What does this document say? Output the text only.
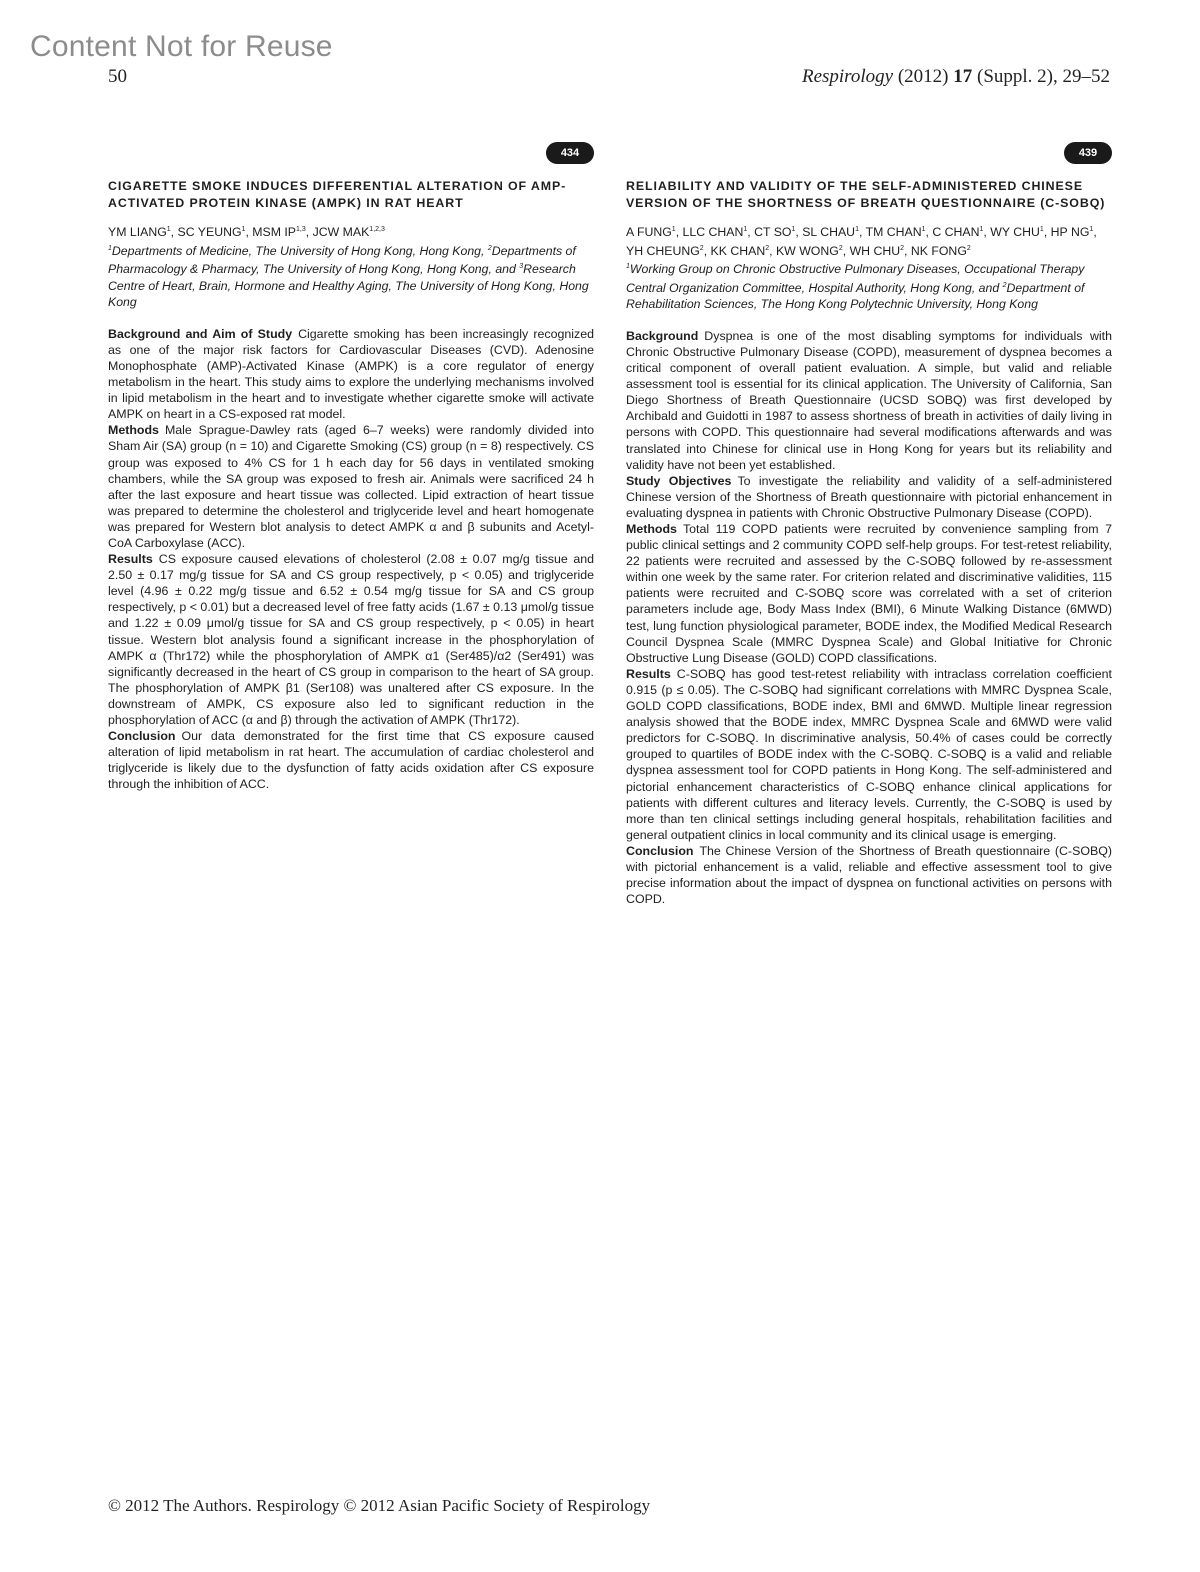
Content Not for Reuse
50	Respirology (2012) 17 (Suppl. 2), 29–52
434

CIGARETTE SMOKE INDUCES DIFFERENTIAL ALTERATION OF AMP-ACTIVATED PROTEIN KINASE (AMPK) IN RAT HEART

YM LIANG$^1$, SC YEUNG$^1$, MSM IP$^{1,3}$, JCW MAK$^{1,2,3}$

$^1$Departments of Medicine, The University of Hong Kong, Hong Kong, $^2$Departments of Pharmacology & Pharmacy, The University of Hong Kong, Hong Kong, and $^3$Research Centre of Heart, Brain, Hormone and Healthy Aging, The University of Hong Kong, Hong Kong

Background and Aim of Study Cigarette smoking has been increasingly recognized as one of the major risk factors for Cardiovascular Diseases (CVD). Adenosine Monophosphate (AMP)-Activated Kinase (AMPK) is a core regulator of energy metabolism in the heart. This study aims to explore the underlying mechanisms involved in lipid metabolism in the heart and to investigate whether cigarette smoke will activate AMPK on heart in a CS-exposed rat model.

Methods Male Sprague-Dawley rats (aged 6–7 weeks) were randomly divided into Sham Air (SA) group (n = 10) and Cigarette Smoking (CS) group (n = 8) respectively. CS group was exposed to 4% CS for 1 h each day for 56 days in ventilated smoking chambers, while the SA group was exposed to fresh air. Animals were sacrificed 24 h after the last exposure and heart tissue was collected. Lipid extraction of heart tissue was prepared to determine the cholesterol and triglyceride level and heart homogenate was prepared for Western blot analysis to detect AMPK α and β subunits and Acetyl-CoA Carboxylase (ACC).

Results CS exposure caused elevations of cholesterol (2.08 ± 0.07 mg/g tissue and 2.50 ± 0.17 mg/g tissue for SA and CS group respectively, p < 0.05) and triglyceride level (4.96 ± 0.22 mg/g tissue and 6.52 ± 0.54 mg/g tissue for SA and CS group respectively, p < 0.01) but a decreased level of free fatty acids (1.67 ± 0.13 μmol/g tissue and 1.22 ± 0.09 μmol/g tissue for SA and CS group respectively, p < 0.05) in heart tissue. Western blot analysis found a significant increase in the phosphorylation of AMPK α (Thr172) while the phosphorylation of AMPK α1 (Ser485)/α2 (Ser491) was significantly decreased in the heart of CS group in comparison to the heart of SA group. The phosphorylation of AMPK β1 (Ser108) was unaltered after CS exposure. In the downstream of AMPK, CS exposure also led to significant reduction in the phosphorylation of ACC (α and β) through the activation of AMPK (Thr172).

Conclusion Our data demonstrated for the first time that CS exposure caused alteration of lipid metabolism in rat heart. The accumulation of cardiac cholesterol and triglyceride is likely due to the dysfunction of fatty acids oxidation after CS exposure through the inhibition of ACC.

439

RELIABILITY AND VALIDITY OF THE SELF-ADMINISTERED CHINESE VERSION OF THE SHORTNESS OF BREATH QUESTIONNAIRE (C-SOBQ)

A FUNG$^1$, LLC CHAN$^1$, CT $SO^1$, SL CHAU$^1$, TM CHAN$^1$, C CHAN$^1$, WY CHU$^1$, HP $NG^1$, YH CHEUNG$^2$, KK CHAN$^2$, KW WONG$^2$, WH CHU$^2$, NK FONG$^2$

$^1$Working Group on Chronic Obstructive Pulmonary Diseases, Occupational Therapy Central Organization Committee, Hospital Authority, Hong Kong, and $^2$Department of Rehabilitation Sciences, The Hong Kong Polytechnic University, Hong Kong

Background Dyspnea is one of the most disabling symptoms for individuals with Chronic Obstructive Pulmonary Disease (COPD), measurement of dyspnea becomes a critical component of overall patient evaluation. A simple, but valid and reliable assessment tool is essential for its clinical application. The University of California, San Diego Shortness of Breath Questionnaire (UCSD SOBQ) was first developed by Archibald and Guidotti in 1987 to assess shortness of breath in activities of daily living in persons with COPD. This questionnaire had several modifications afterwards and was translated into Chinese for clinical use in Hong Kong for years but its reliability and validity have not been yet established.

Study Objectives To investigate the reliability and validity of a self-administered Chinese version of the Shortness of Breath questionnaire with pictorial enhancement in evaluating dyspnea in patients with Chronic Obstructive Pulmonary Disease (COPD).

Methods Total 119 COPD patients were recruited by convenience sampling from 7 public clinical settings and 2 community COPD self-help groups. For test-retest reliability, 22 patients were recruited and assessed by the C-SOBQ followed by re-assessment within one week by the same rater. For criterion related and discriminative validities, 115 patients were recruited and C-SOBQ score was correlated with a set of criterion parameters include age, Body Mass Index (BMI), 6 Minute Walking Distance (6MWD) test, lung function physiological parameter, BODE index, the Modified Medical Research Council Dyspnea Scale (MMRC Dyspnea Scale) and Global Initiative for Chronic Obstructive Lung Disease (GOLD) COPD classifications.

Results C-SOBQ has good test-retest reliability with intraclass correlation coefficient 0.915 (p ≤ 0.05). The C-SOBQ had significant correlations with MMRC Dyspnea Scale, GOLD COPD classifications, BODE index, BMI and 6MWD. Multiple linear regression analysis showed that the BODE index, MMRC Dyspnea Scale and 6MWD were valid predictors for C-SOBQ. In discriminative analysis, 50.4% of cases could be correctly grouped to quartiles of BODE index with the C-SOBQ. C-SOBQ is a valid and reliable dyspnea assessment tool for COPD patients in Hong Kong. The self-administered and pictorial enhancement characteristics of C-SOBQ enhance clinical applications for patients with different cultures and literacy levels. Currently, the C-SOBQ is used by more than ten clinical settings including general hospitals, rehabilitation facilities and general outpatient clinics in local community and its clinical usage is emerging.

Conclusion The Chinese Version of the Shortness of Breath questionnaire (C-SOBQ) with pictorial enhancement is a valid, reliable and effective assessment tool to give precise information about the impact of dyspnea on functional activities on persons with COPD.

© 2012 The Authors. Respirology © 2012 Asian Pacific Society of Respirology
